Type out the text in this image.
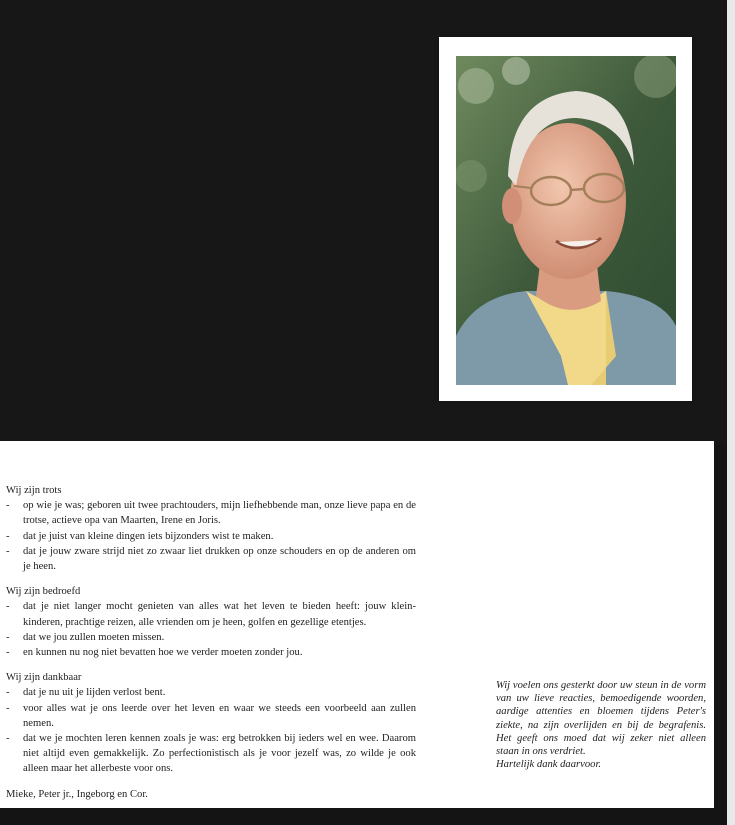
Wij zijn trots

- op wie je was; geboren uit twee prachtouders, mijn liefhebbende man, onze lieve papa en de trotse, actieve opa van Maarten, Irene en Joris.
- dat je juist van kleine dingen iets bijzonders wist te maken.
- dat je jouw zware strijd niet zo zwaar liet drukken op onze schouders en op de anderen om je heen.

Wij zijn bedroefd

- dat je niet langer mocht genieten van alles wat het leven te bieden heeft: jouw klein-kinderen, prachtige reizen, alle vrienden om je heen, golfen en gezellige etentjes.
- dat we jou zullen moeten missen.
- en kunnen nu nog niet bevatten hoe we verder moeten zonder jou.

Wij zijn dankbaar

- dat je nu uit je lijden verlost bent.
- voor alles wat je ons leerde over het leven en waar we steeds een voorbeeld aan zullen nemen.
- dat we je mochten leren kennen zoals je was: erg betrokken bij ieders wel en wee. Daarom niet altijd even gemakkelijk. Zo perfectionistisch als je voor jezelf was, zo wilde je ook alleen maar het allerbeste voor ons.

Mieke, Peter jr., Ingeborg en Cor.

Wij voelen ons gesterkt door uw steun in de vorm van uw lieve reacties, bemoedigende woorden, aardige attenties en bloemen tijdens Peter's ziekte, na zijn overlijden en bij de begrafenis. Het geeft ons moed dat wij zeker niet alleen staan in ons verdriet.
Hartelijk dank daarvoor.
